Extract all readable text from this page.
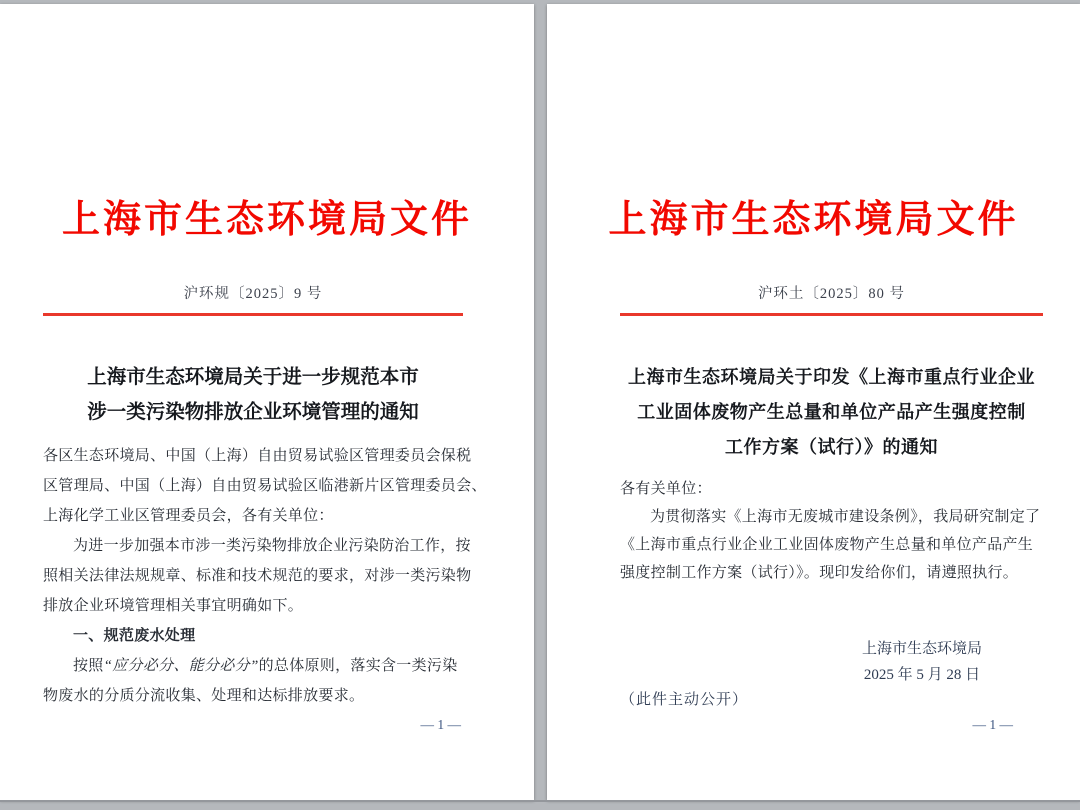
上海市生态环境局文件
沪环规〔2025〕9 号
上海市生态环境局关于进一步规范本市
涉一类污染物排放企业环境管理的通知
各区生态环境局、中国（上海）自由贸易试验区管理委员会保税
区管理局、中国（上海）自由贸易试验区临港新片区管理委员会、
上海化学工业区管理委员会，各有关单位：
为进一步加强本市涉一类污染物排放企业污染防治工作，按
照相关法律法规规章、标准和技术规范的要求，对涉一类污染物
排放企业环境管理相关事宜明确如下。
一、规范废水处理
按照“应分必分、能分必分”的总体原则，落实含一类污染
物废水的分质分流收集、处理和达标排放要求。
— 1 —
上海市生态环境局文件
沪环土〔2025〕80 号
上海市生态环境局关于印发《上海市重点行业企业
工业固体废物产生总量和单位产品产生强度控制
工作方案（试行）》的通知
各有关单位：
为贯彻落实《上海市无废城市建设条例》，我局研究制定了
《上海市重点行业企业工业固体废物产生总量和单位产品产生
强度控制工作方案（试行）》。现印发给你们，请遵照执行。
上海市生态环境局
2025 年 5 月 28 日
（此件主动公开）
— 1 —
